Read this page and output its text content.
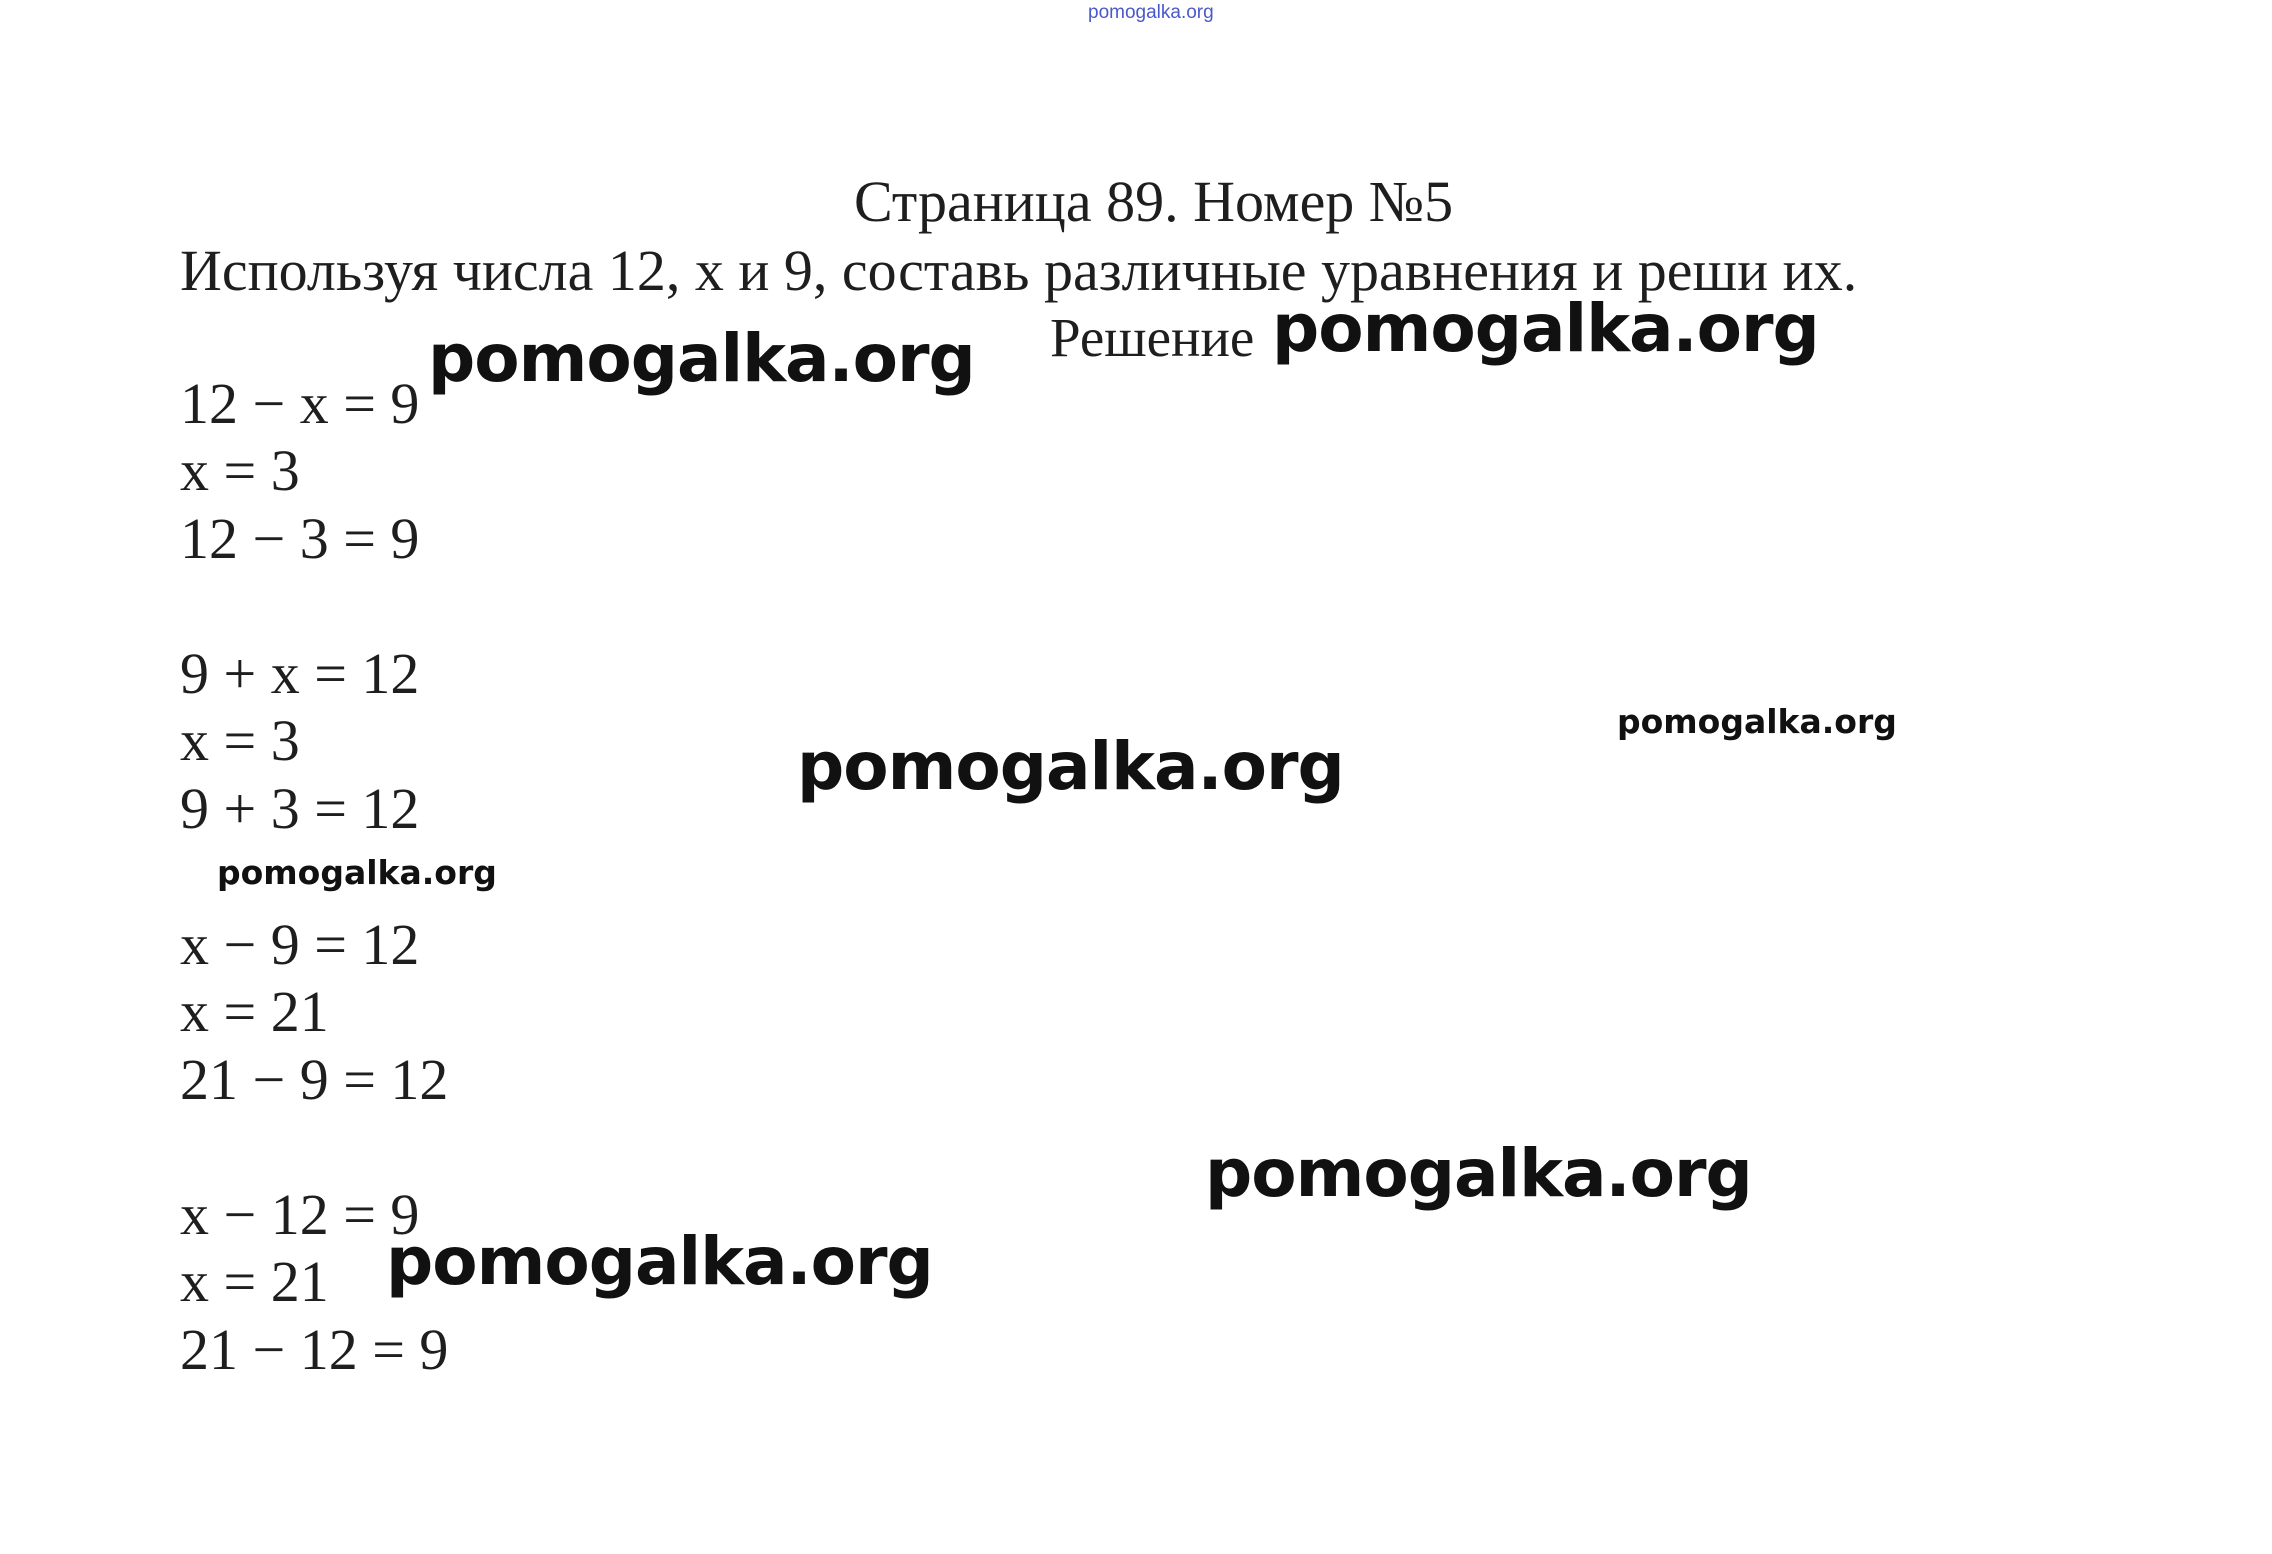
pomogalka.org
Страница 89. Номер №5
Используя числа 12, х и 9, составь различные уравнения и реши их.
Решение
12 − x = 9
x = 3
12 − 3 = 9
9 + x = 12
x = 3
9 + 3 = 12
x − 9 = 12
x = 21
21 − 9 = 12
x − 12 = 9
x = 21
21 − 12 = 9
pomogalka.org	pomogalka.org
pomogalka.org
pomogalka.org
pomogalka.org
pomogalka.org
pomogalka.org
